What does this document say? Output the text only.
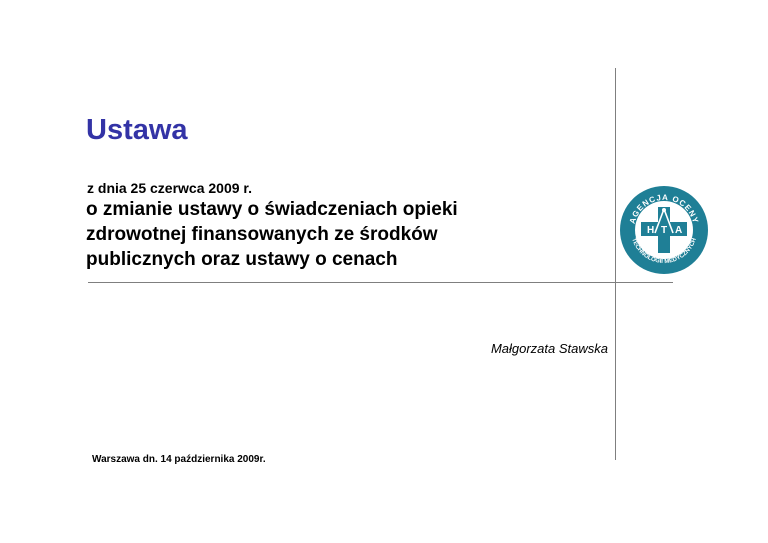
Ustawa
z dnia 25 czerwca 2009 r.
o zmianie ustawy o świadczeniach opieki
zdrowotnej finansowanych ze środków
publicznych oraz ustawy o cenach
Małgorzata Stawska
Warszawa dn. 14 października 2009r.
AGENCJA OCENY
TECHNOLOGII MEDYCZNYCH
H T A
